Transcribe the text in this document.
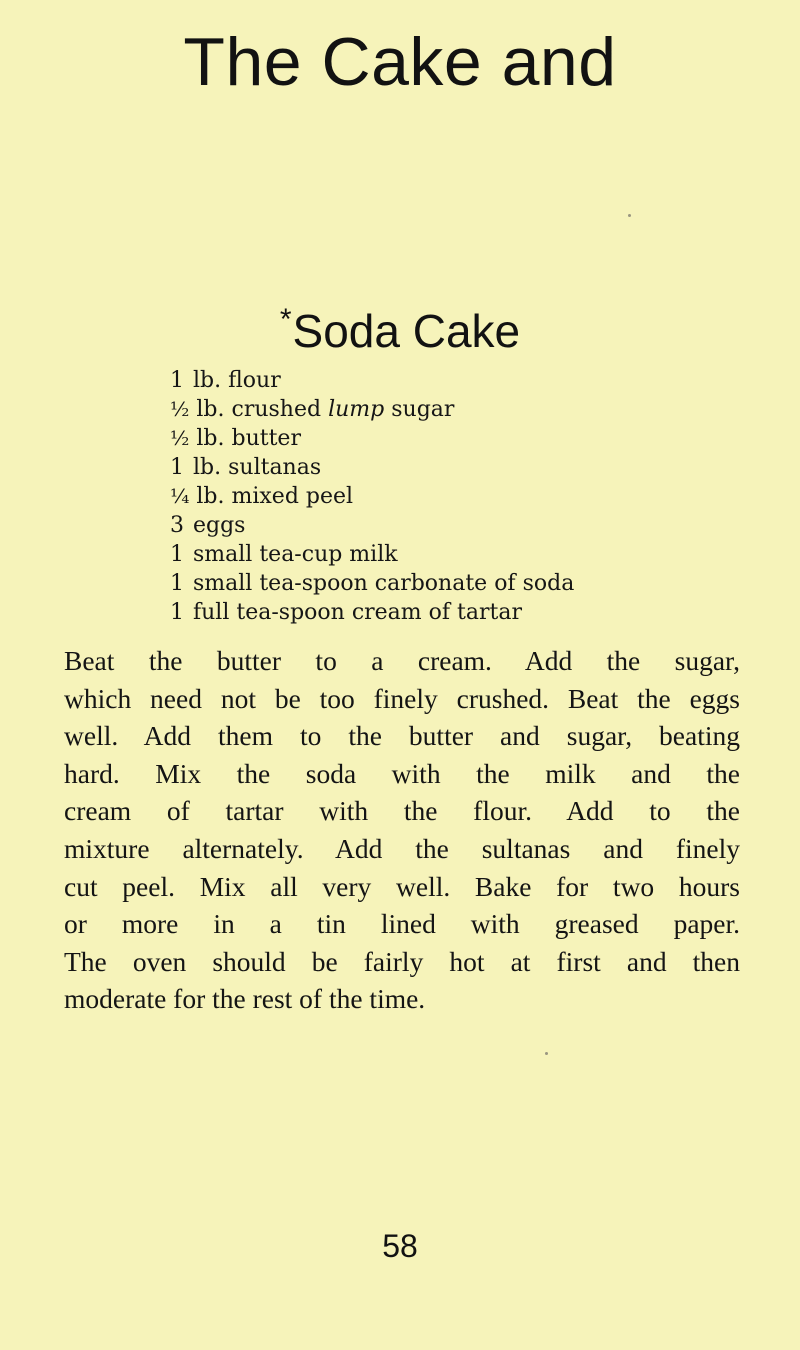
The Cake and
*Soda Cake
1 lb. flour
½ lb. crushed lump sugar
½ lb. butter
1 lb. sultanas
¼ lb. mixed peel
3 eggs
1 small tea-cup milk
1 small tea-spoon carbonate of soda
1 full tea-spoon cream of tartar

Beat the butter to a cream. Add the sugar,
which need not be too finely crushed. Beat the eggs
well. Add them to the butter and sugar, beating
hard. Mix the soda with the milk and the
cream of tartar with the flour. Add to the
mixture alternately. Add the sultanas and finely
cut peel. Mix all very well. Bake for two hours
or more in a tin lined with greased paper.
The oven should be fairly hot at first and then
moderate for the rest of the time.

58
